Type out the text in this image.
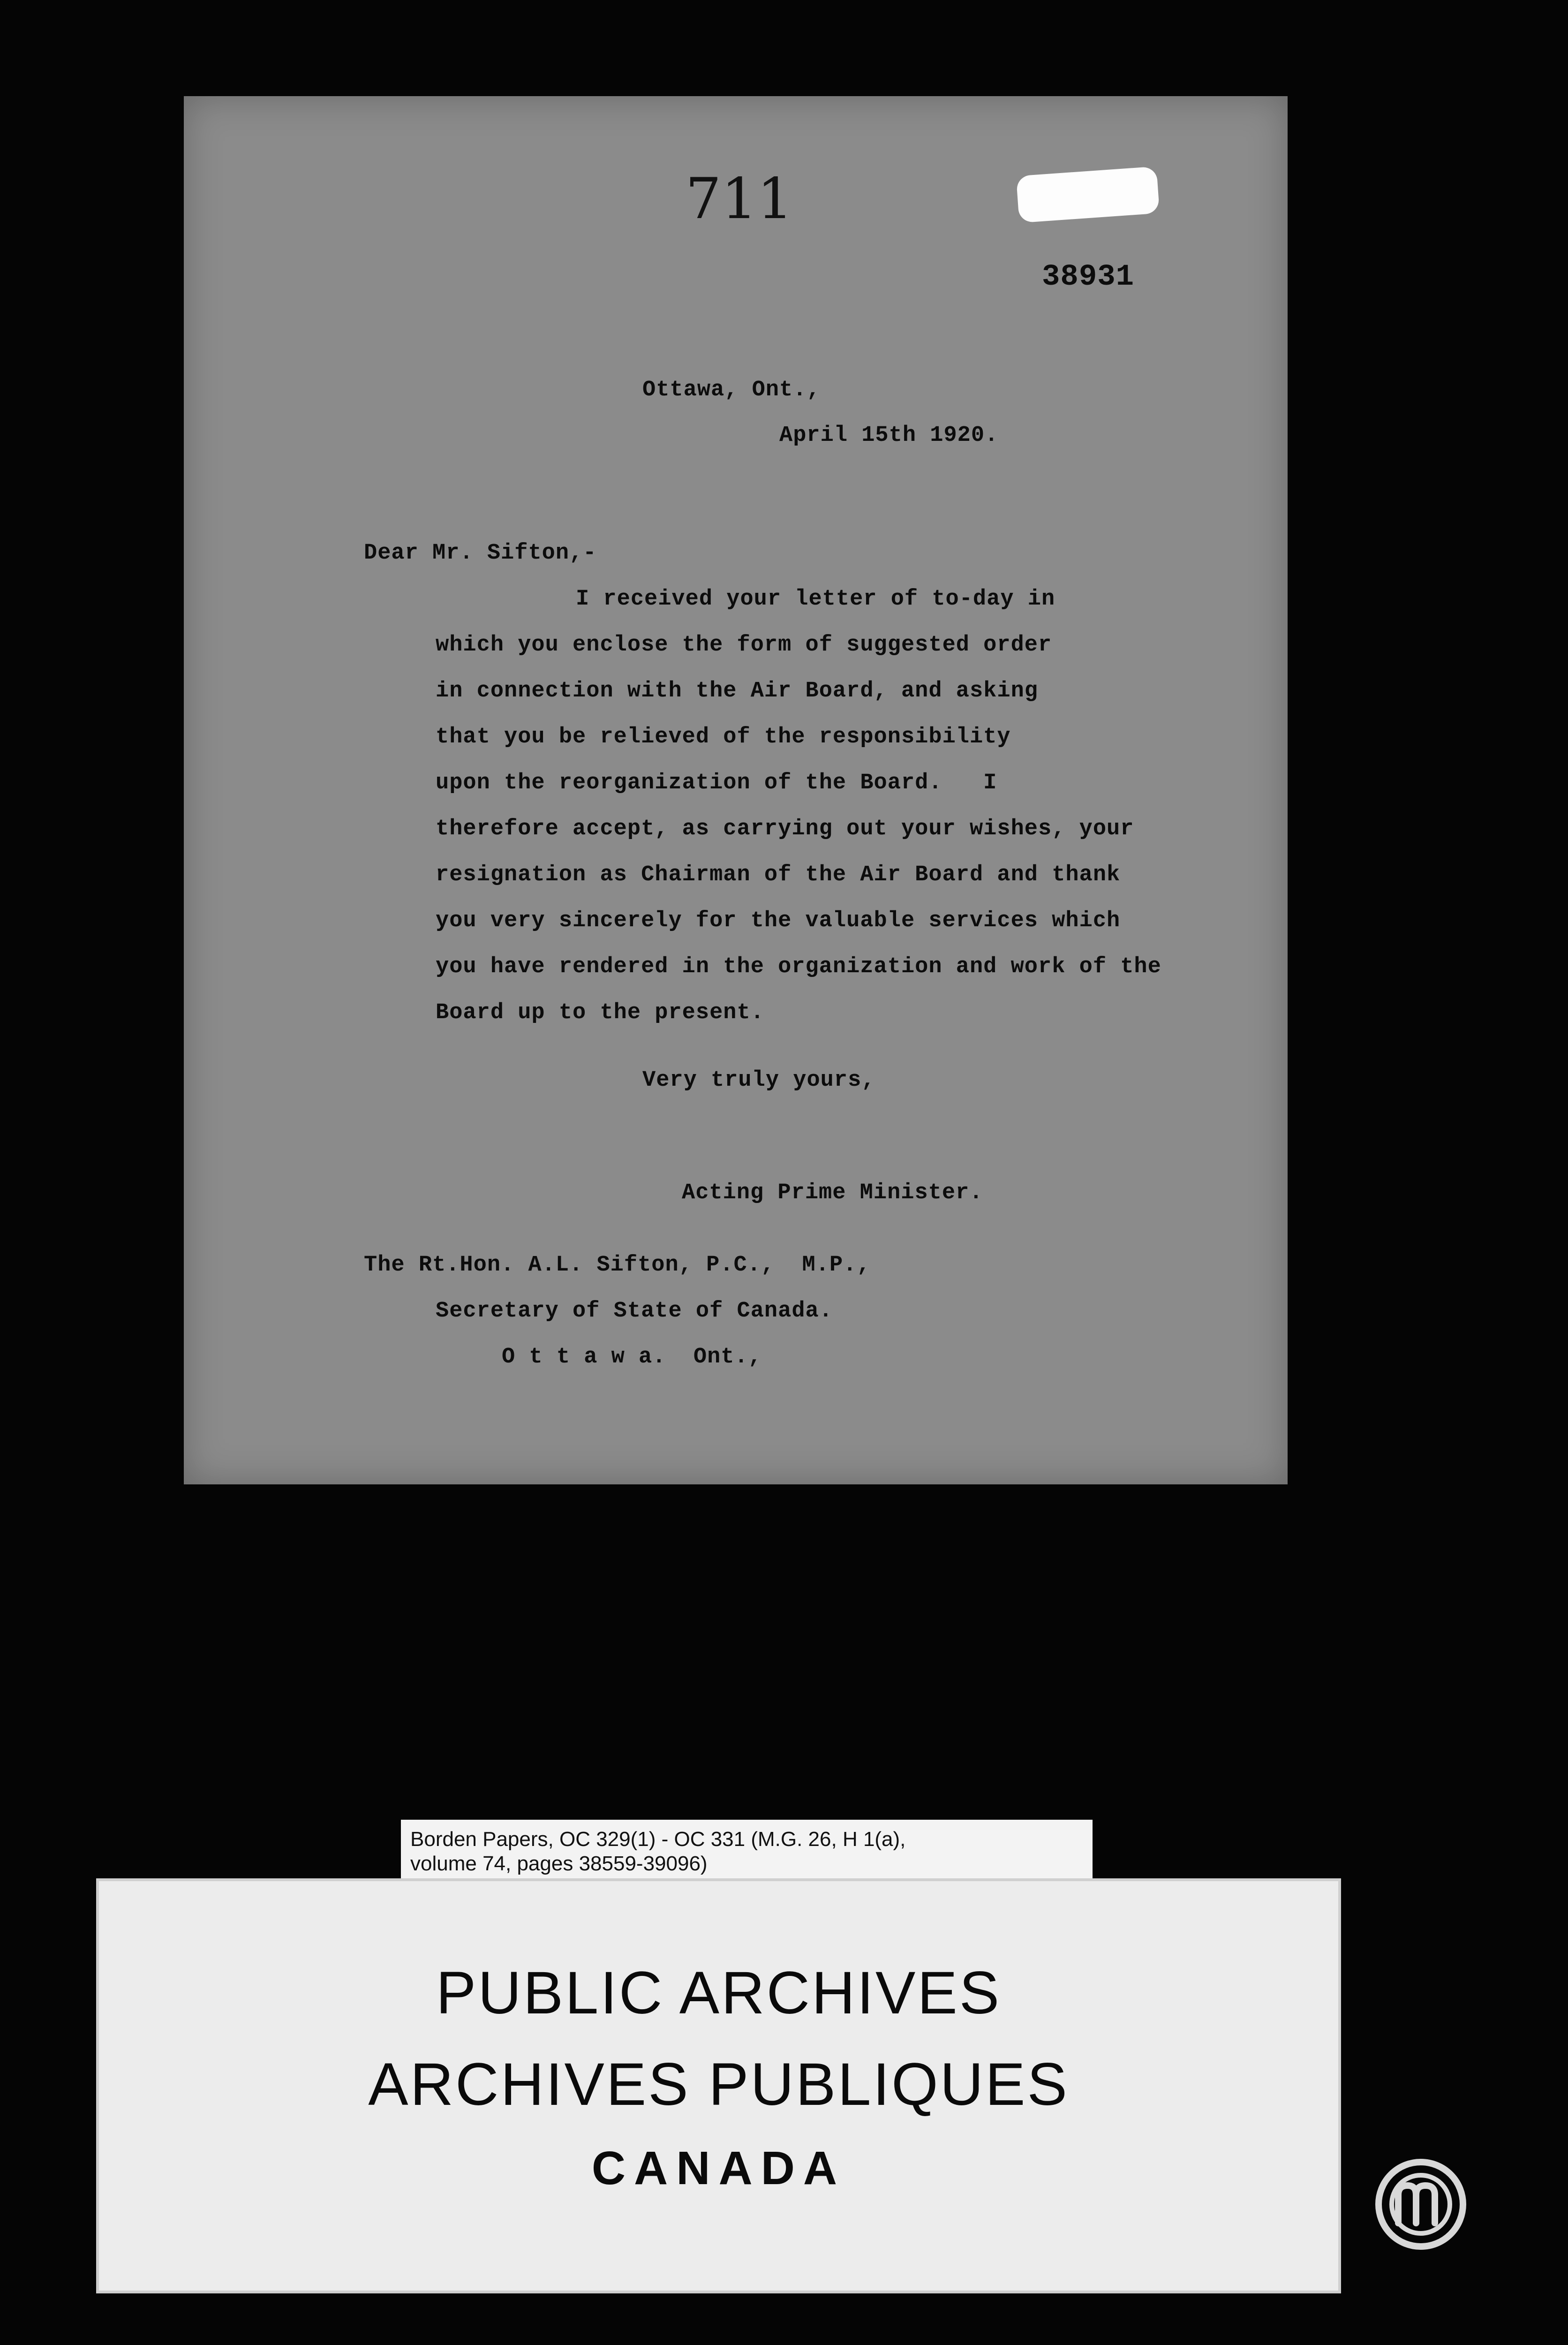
711
38931
Ottawa, Ont.,
April 15th 1920.
Dear Mr. Sifton,-
I received your letter of to-day in
which you enclose the form of suggested order
in connection with the Air Board, and asking
that you be relieved of the responsibility
upon the reorganization of the Board.   I
therefore accept, as carrying out your wishes, your
resignation as Chairman of the Air Board and thank
you very sincerely for the valuable services which
you have rendered in the organization and work of the
Board up to the present.
Very truly yours,
Acting Prime Minister.
The Rt.Hon. A.L. Sifton, P.C.,  M.P.,
Secretary of State of Canada.
O t t a w a.  Ont.,
Borden Papers, OC 329(1) - OC 331 (M.G. 26, H 1(a),
volume 74, pages 38559-39096)
PUBLIC ARCHIVES
ARCHIVES PUBLIQUES
CANADA
